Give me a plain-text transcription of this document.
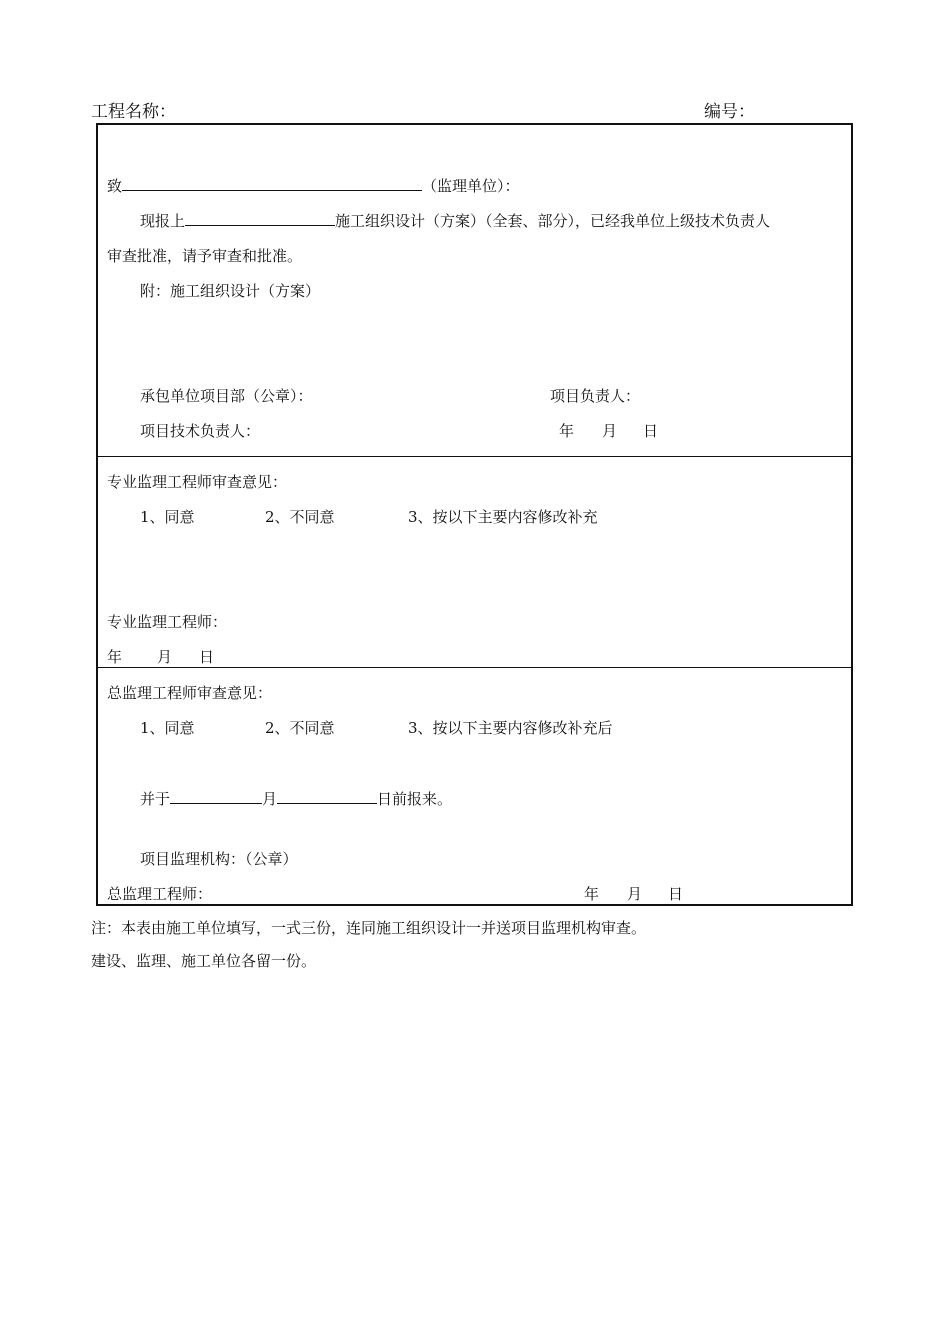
工程名称：	编号：
致	（监理单位）：
现报上	施工组织设计（方案）（全套、部分），已经我单位上级技术负责人
审查批准，请予审查和批准。
附：施工组织设计（方案）
承包单位项目部（公章）：	项目负责人：
项目技术负责人：	年 月 日
专业监理工程师审查意见：
1、同意	2、不同意	3、按以下主要内容修改补充
专业监理工程师：
年 月 日
总监理工程师审查意见：
1、同意	2、不同意	3、按以下主要内容修改补充后
并于	月	日前报来。
项目监理机构：（公章）
总监理工程师：	年 月 日
注：本表由施工单位填写，一式三份，连同施工组织设计一并送项目监理机构审查。
建设、监理、施工单位各留一份。
